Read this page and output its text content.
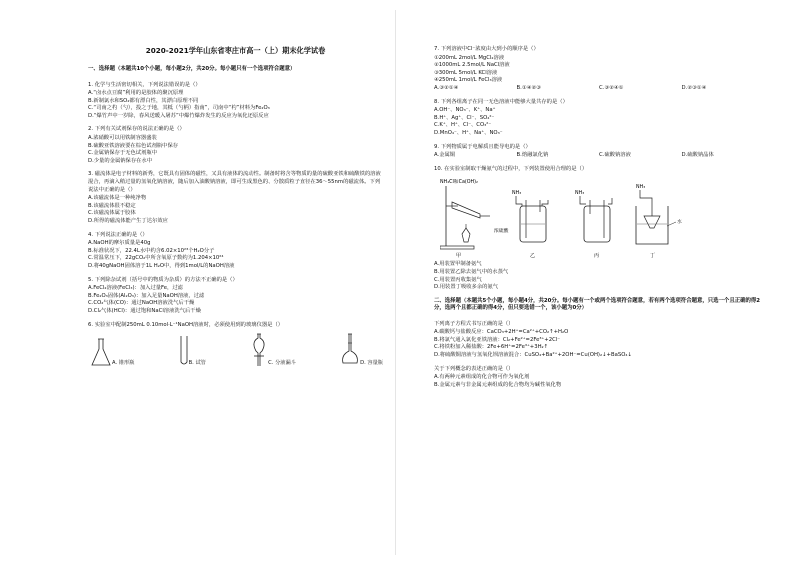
2020-2021学年山东省枣庄市高一（上）期末化学试卷
一、选择题（本题共10个小题，每小题2分，共20分。每小题只有一个选项符合题意）
1. 化学与生活密切相关，下列说法错误的是（）
A.“卤水点豆腐”利用的是胶体的聚沉原理
B.新制氯水和SO₂都有漂白性，其漂白原理不同
C.“司南之杓（勺），投之于地，其柢（勺柄）指南”，司南中“杓”材料为Fe₂O₃
D.“爆竹声中一岁除，春风送暖入屠苏”中爆竹爆炸发生的反应为氧化还原反应
2. 下列有关试剂保存的说法正确的是（）
A.浓硝酸可以用铁制容器盛装
B.硫酸亚铁溶液要在棕色试剂瓶中保存
C.金属钠保存于无色试剂瓶中
D.少量的金属钠保存在水中
3. 磁流体是电子材料的新秀，它既具有固体的磁性，又具有液体的流动性。制备时将含等物质的量的硫酸亚铁和硫酸铁的溶液混合，再滴入稍过量的氢氧化钠溶液，随后加入油酸钠溶液，即可生成黑色的、分散质粒子直径在36～55nm的磁流体。下列说法中正确的是（）
A.该磁流体是一种纯净物
B.该磁流体很不稳定
C.该磁流体属于胶体
D.所得的磁流体能产生丁达尔效应
4. 下列说法正确的是（）
A.NaOH的摩尔质量是40g
B.标准状况下，22.4L水中约含6.02×10²³个H₂O分子
C.常温常压下，22gCO₂中所含氧原子数约为1.204×10²⁴
D.将40gNaOH固体溶于1L H₂O中，得到1mol/L的NaOH溶液
5. 下列除杂试剂（括号中的物质为杂质）的方法不正确的是（）
A.FeCl₂溶液(FeCl₃)：加入过量Fe，过滤
B.Fe₂O₃固体(Al₂O₃)：加入足量NaOH溶液，过滤
C.CO₂气体(CO)：通过NaOH溶液洗气后干燥
D.Cl₂气体(HCl)：通过饱和NaCl溶液洗气后干燥
6. 实验室中配制250mL 0.10mol·L⁻¹NaOH溶液时，必须使用到的玻璃仪器是（）
A. 锥形瓶	B. 试管	C. 分液漏斗	D. 容量瓶
7. 下列溶液中Cl⁻浓度由大到小的顺序是（）
①200mL 2mol/L MgCl₂溶液
②1000mL 2.5mol/L NaCl溶液
③300mL 5mol/L KCl溶液
④250mL 1mol/L FeCl₃溶液
A.③②①④	B.①④②③	C.③②④①	D.②③①④
8. 下列各组离子在同一无色溶液中能够大量共存的是（）
A.OH⁻、NO₃⁻、K⁺、Na⁺
B.H⁺、Ag⁺、Cl⁻、SO₄²⁻
C.K⁺、H⁺、Cl⁻、CO₃²⁻
D.MnO₄⁻、H⁺、Na⁺、NO₃⁻
9. 下列物质属于电解质且能导电的是（）
A.金属铜	B.熔融氯化钠	C.硫酸钠溶液	D.硫酸钠晶体
10. 在实验室制取干燥氨气的过程中，下列装置使用合理的是（）
NH₄Cl和Ca(OH)₂
甲
NH₃
浓硫酸
乙
NH₃
丙
NH₃
水
丁
A.用装置甲制备氨气
B.用装置乙除去氨气中的水蒸气
C.用装置丙收集氨气
D.用装置丁吸收多余的氨气
二、选择题（本题共5个小题，每小题4分，共20分。每小题有一个或两个选项符合题意，若有两个选项符合题意，只选一个且正确的得2分，选两个且都正确的得4分，但只要选错一个，该小题为0分）
下列离子方程式书写正确的是（）
A.碳酸钙与盐酸反应：CaCO₃+2H⁺=Ca²⁺+CO₂↑+H₂O
B.将氯气通入氯化亚铁溶液：Cl₂+Fe²⁺=2Fe³⁺+2Cl⁻
C.将铁粉加入稀盐酸：2Fe+6H⁺=2Fe³⁺+3H₂↑
D.将硫酸铜溶液与氢氧化钡溶液混合：CuSO₄+Ba²⁺+2OH⁻=Cu(OH)₂↓+BaSO₄↓
关于下列概念的表述正确的是（）
A.有两种元素组成的化合物可作为氧化剂
B.金属元素与非金属元素组成的化合物均为碱性氧化物
